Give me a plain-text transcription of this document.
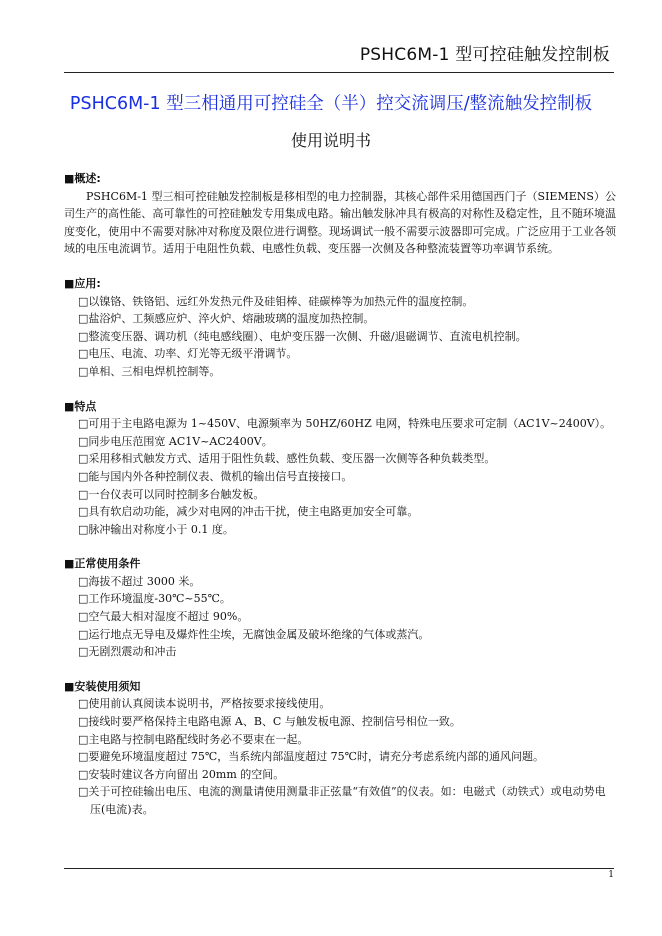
PSHC6M-1 型可控硅触发控制板
PSHC6M-1 型三相通用可控硅全（半）控交流调压/整流触发控制板
使用说明书
■概述:

PSHC6M-1 型三相可控硅触发控制板是移相型的电力控制器，其核心部件采用德国西门子（SIEMENS）公司生产的高性能、高可靠性的可控硅触发专用集成电路。输出触发脉冲具有极高的对称性及稳定性，且不随环境温度变化，使用中不需要对脉冲对称度及限位进行调整。现场调试一般不需要示波器即可完成。广泛应用于工业各领域的电压电流调节。适用于电阻性负载、电感性负载、变压器一次侧及各种整流装置等功率调节系统。

■应用:
□以镍铬、铁铬铝、远红外发热元件及硅钼棒、硅碳棒等为加热元件的温度控制。
□盐浴炉、工频感应炉、淬火炉、熔融玻璃的温度加热控制。
□整流变压器、调功机（纯电感线圈）、电炉变压器一次侧、升磁/退磁调节、直流电机控制。
□电压、电流、功率、灯光等无级平滑调节。
□单相、三相电焊机控制等。
■特点
□可用于主电路电源为 1~450V、电源频率为 50HZ/60HZ 电网，特殊电压要求可定制（AC1V~2400V）。
□同步电压范围宽 AC1V~AC2400V。
□采用移相式触发方式、适用于阻性负载、感性负载、变压器一次侧等各种负载类型。
□能与国内外各种控制仪表、微机的输出信号直接接口。
□一台仪表可以同时控制多台触发板。
□具有软启动功能，减少对电网的冲击干扰，使主电路更加安全可靠。
□脉冲输出对称度小于 0.1 度。
■正常使用条件
□海拔不超过 3000 米。
□工作环境温度-30℃~55℃。
□空气最大相对湿度不超过 90%。
□运行地点无导电及爆炸性尘埃，无腐蚀金属及破坏绝缘的气体或蒸汽。
□无剧烈震动和冲击
■安装使用须知
□使用前认真阅读本说明书，严格按要求接线使用。
□接线时要严格保持主电路电源 A、B、C 与触发板电源、控制信号相位一致。
□主电路与控制电路配线时务必不要束在一起。
□要避免环境温度超过 75℃，当系统内部温度超过 75℃时，请充分考虑系统内部的通风问题。
□安装时建议各方向留出 20mm 的空间。
□关于可控硅输出电压、电流的测量请使用测量非正弦量“有效值”的仪表。如：电磁式（动铁式）或电动势电压(电流)表。
1
